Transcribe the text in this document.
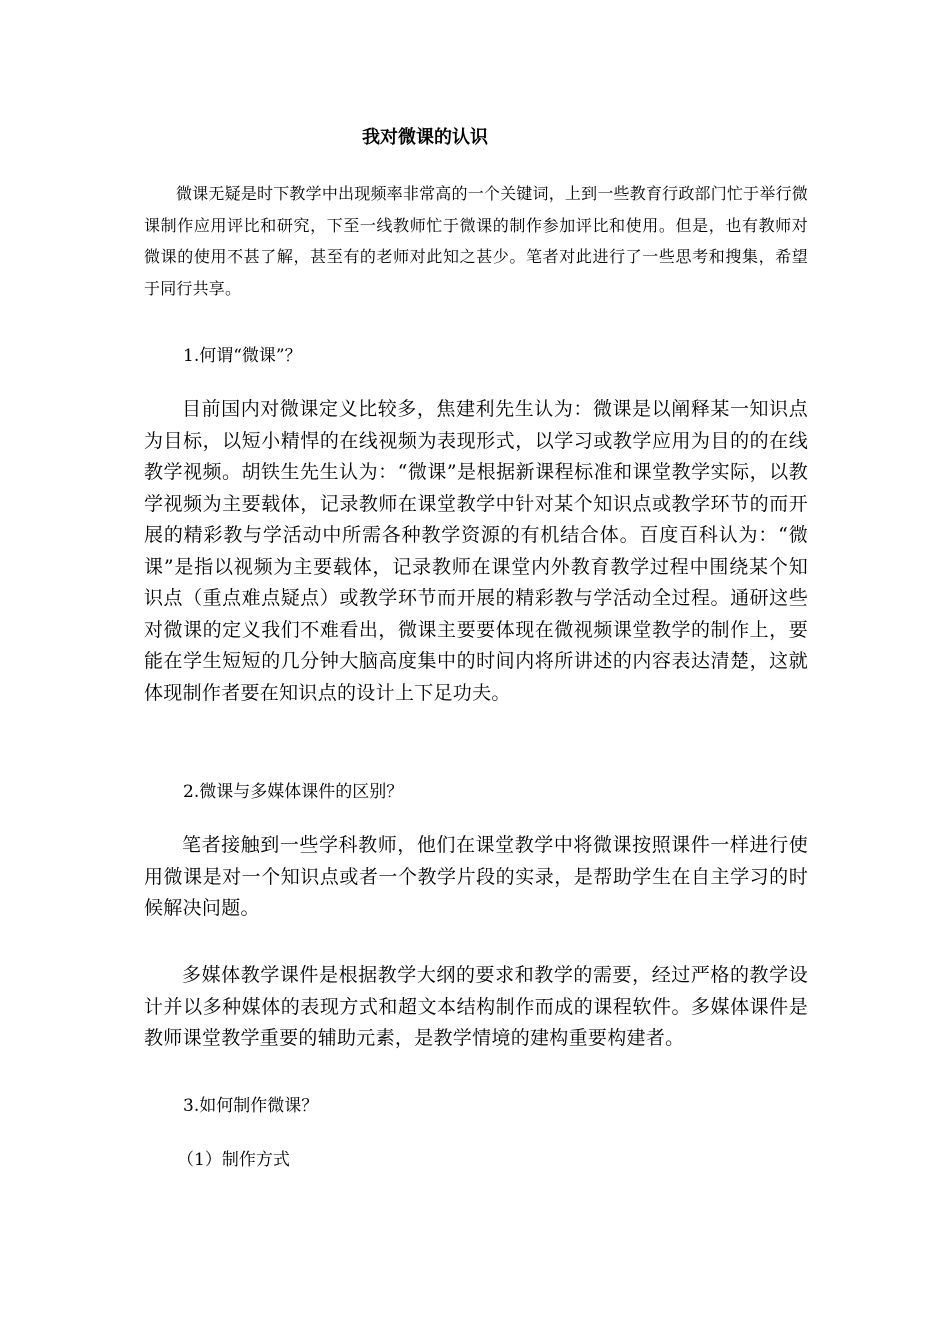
我对微课的认识

微课无疑是时下教学中出现频率非常高的一个关键词，上到一些教育行政部门忙于举行微课制作应用评比和研究，下至一线教师忙于微课的制作参加评比和使用。但是，也有教师对微课的使用不甚了解，甚至有的老师对此知之甚少。笔者对此进行了一些思考和搜集，希望于同行共享。

1.何谓“微课”？

目前国内对微课定义比较多，焦建利先生认为：微课是以阐释某一知识点为目标，以短小精悍的在线视频为表现形式，以学习或教学应用为目的的在线教学视频。胡铁生先生认为：“微课”是根据新课程标准和课堂教学实际，以教学视频为主要载体，记录教师在课堂教学中针对某个知识点或教学环节的而开展的精彩教与学活动中所需各种教学资源的有机结合体。百度百科认为：“微课”是指以视频为主要载体，记录教师在课堂内外教育教学过程中围绕某个知识点（重点难点疑点）或教学环节而开展的精彩教与学活动全过程。通研这些对微课的定义我们不难看出，微课主要要体现在微视频课堂教学的制作上，要能在学生短短的几分钟大脑高度集中的时间内将所讲述的内容表达清楚，这就体现制作者要在知识点的设计上下足功夫。

2.微课与多媒体课件的区别？

笔者接触到一些学科教师，他们在课堂教学中将微课按照课件一样进行使用微课是对一个知识点或者一个教学片段的实录，是帮助学生在自主学习的时候解决问题。

多媒体教学课件是根据教学大纲的要求和教学的需要，经过严格的教学设计并以多种媒体的表现方式和超文本结构制作而成的课程软件。多媒体课件是教师课堂教学重要的辅助元素，是教学情境的建构重要构建者。

3.如何制作微课？

（1）制作方式
